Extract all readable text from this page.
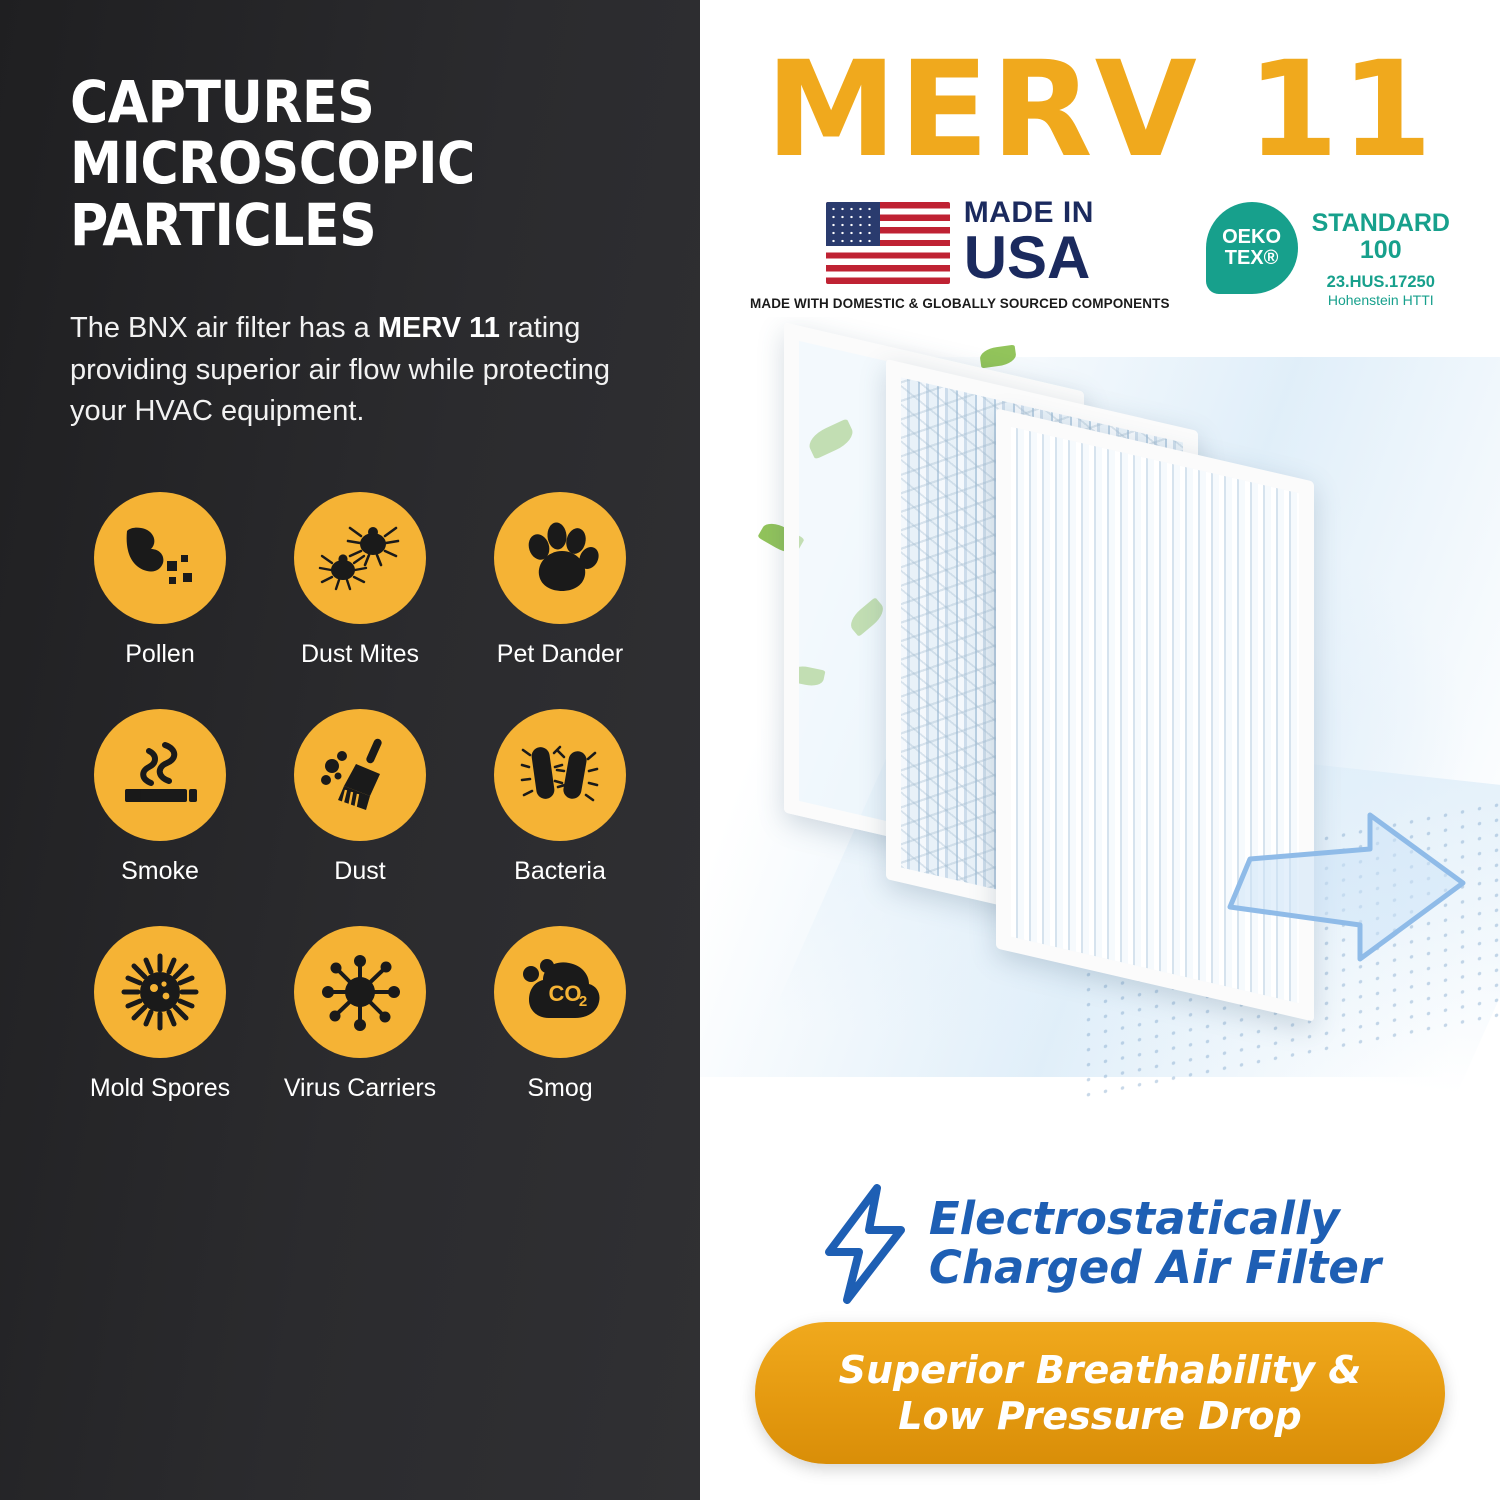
CAPTURES
MICROSCOPIC
PARTICLES

The BNX air filter has a MERV 11 rating providing superior air flow while protecting your HVAC equipment.

Pollen	Dust Mites	Pet Dander
Smoke	Dust	Bacteria
Mold Spores Virus Carriers
CO
2
Smog
MERV 11
MADE IN
USA
MADE WITH DOMESTIC & GLOBALLY SOURCED COMPONENTS
OEKO
TEX®
STANDARD
100
23.HUS.17250
Hohenstein HTTI
Electrostatically
Charged Air Filter
Superior Breathability &
Low Pressure Drop
